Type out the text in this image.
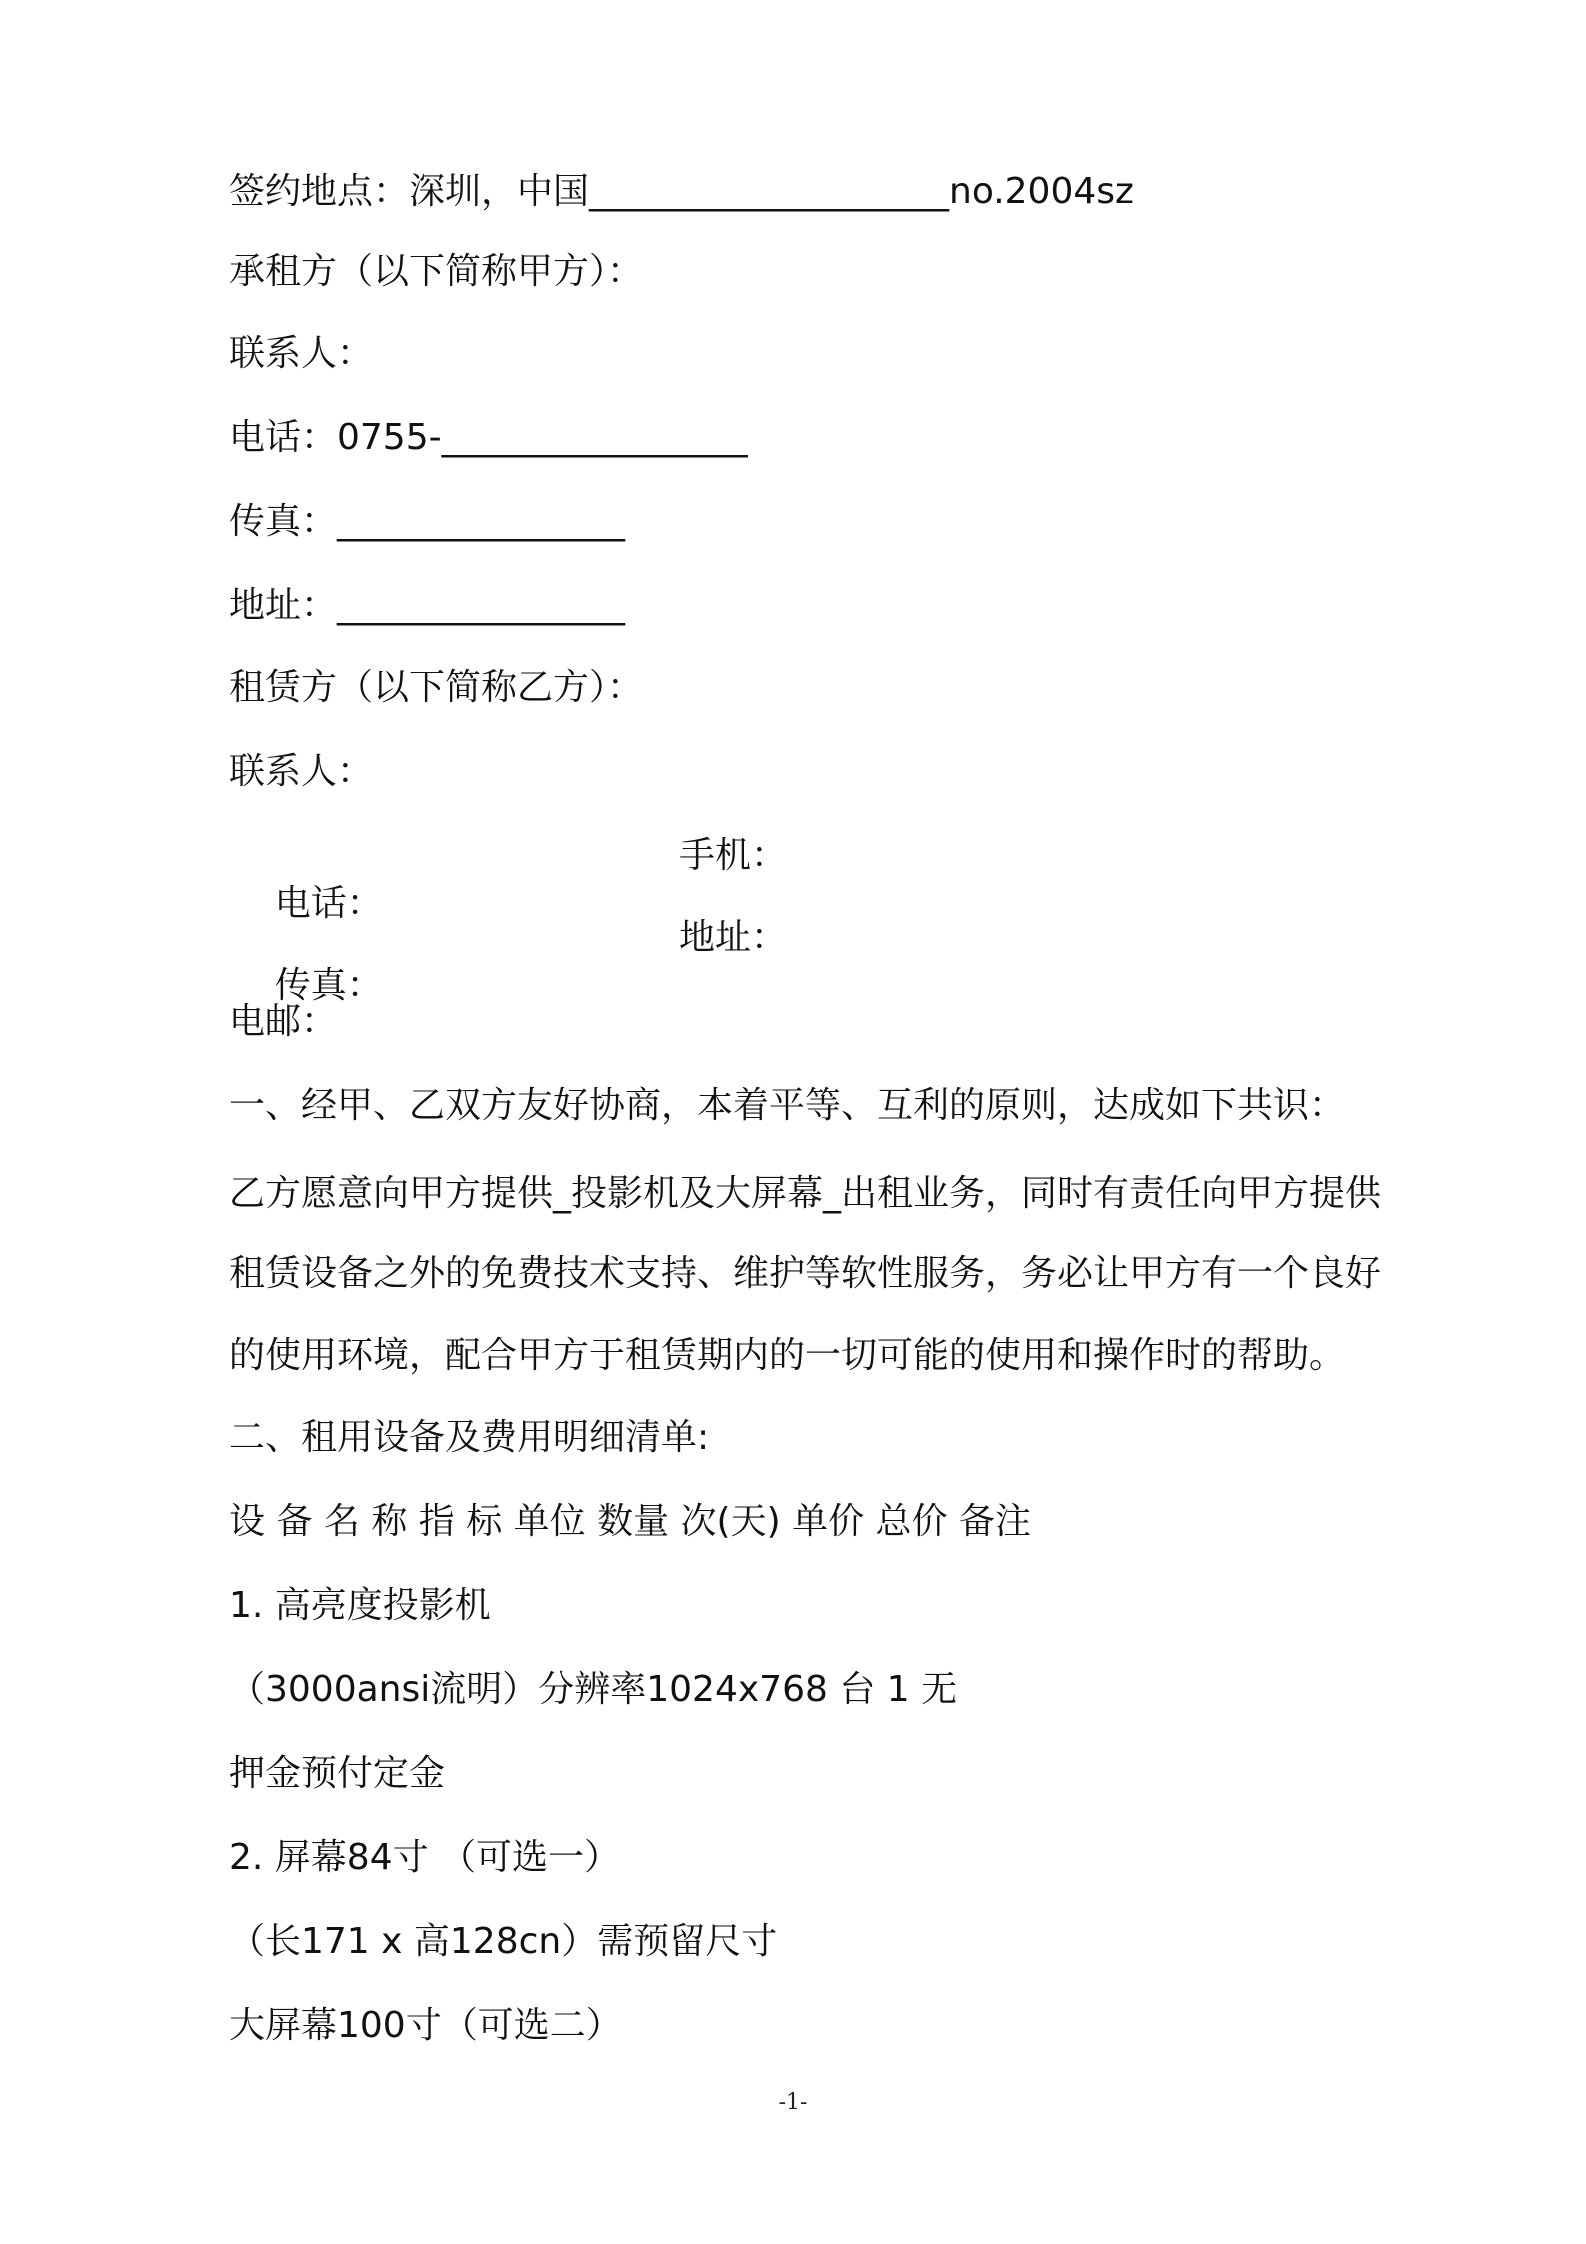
签约地点：深圳，中国____________________no.2004sz
承租方（以下简称甲方）：
联系人：
电话：0755-_________________
传真：________________
地址：________________
租赁方（以下简称乙方）：
联系人：

电话：

手机：

传真：

地址：

电邮：
一、经甲、乙双方友好协商，本着平等、互利的原则，达成如下共识：
乙方愿意向甲方提供_投影机及大屏幕_出租业务，同时有责任向甲方提供
租赁设备之外的免费技术支持、维护等软性服务，务必让甲方有一个良好
的使用环境，配合甲方于租赁期内的一切可能的使用和操作时的帮助。
二、租用设备及费用明细清单:
设 备 名 称 指 标 单位 数量 次(天) 单价 总价 备注
1. 高亮度投影机
（3000ansi流明）分辨率1024x768 台 1 无
押金预付定金
2. 屏幕84寸 （可选一）
（长171 x 高128cn）需预留尺寸
大屏幕100寸（可选二）
-1-
